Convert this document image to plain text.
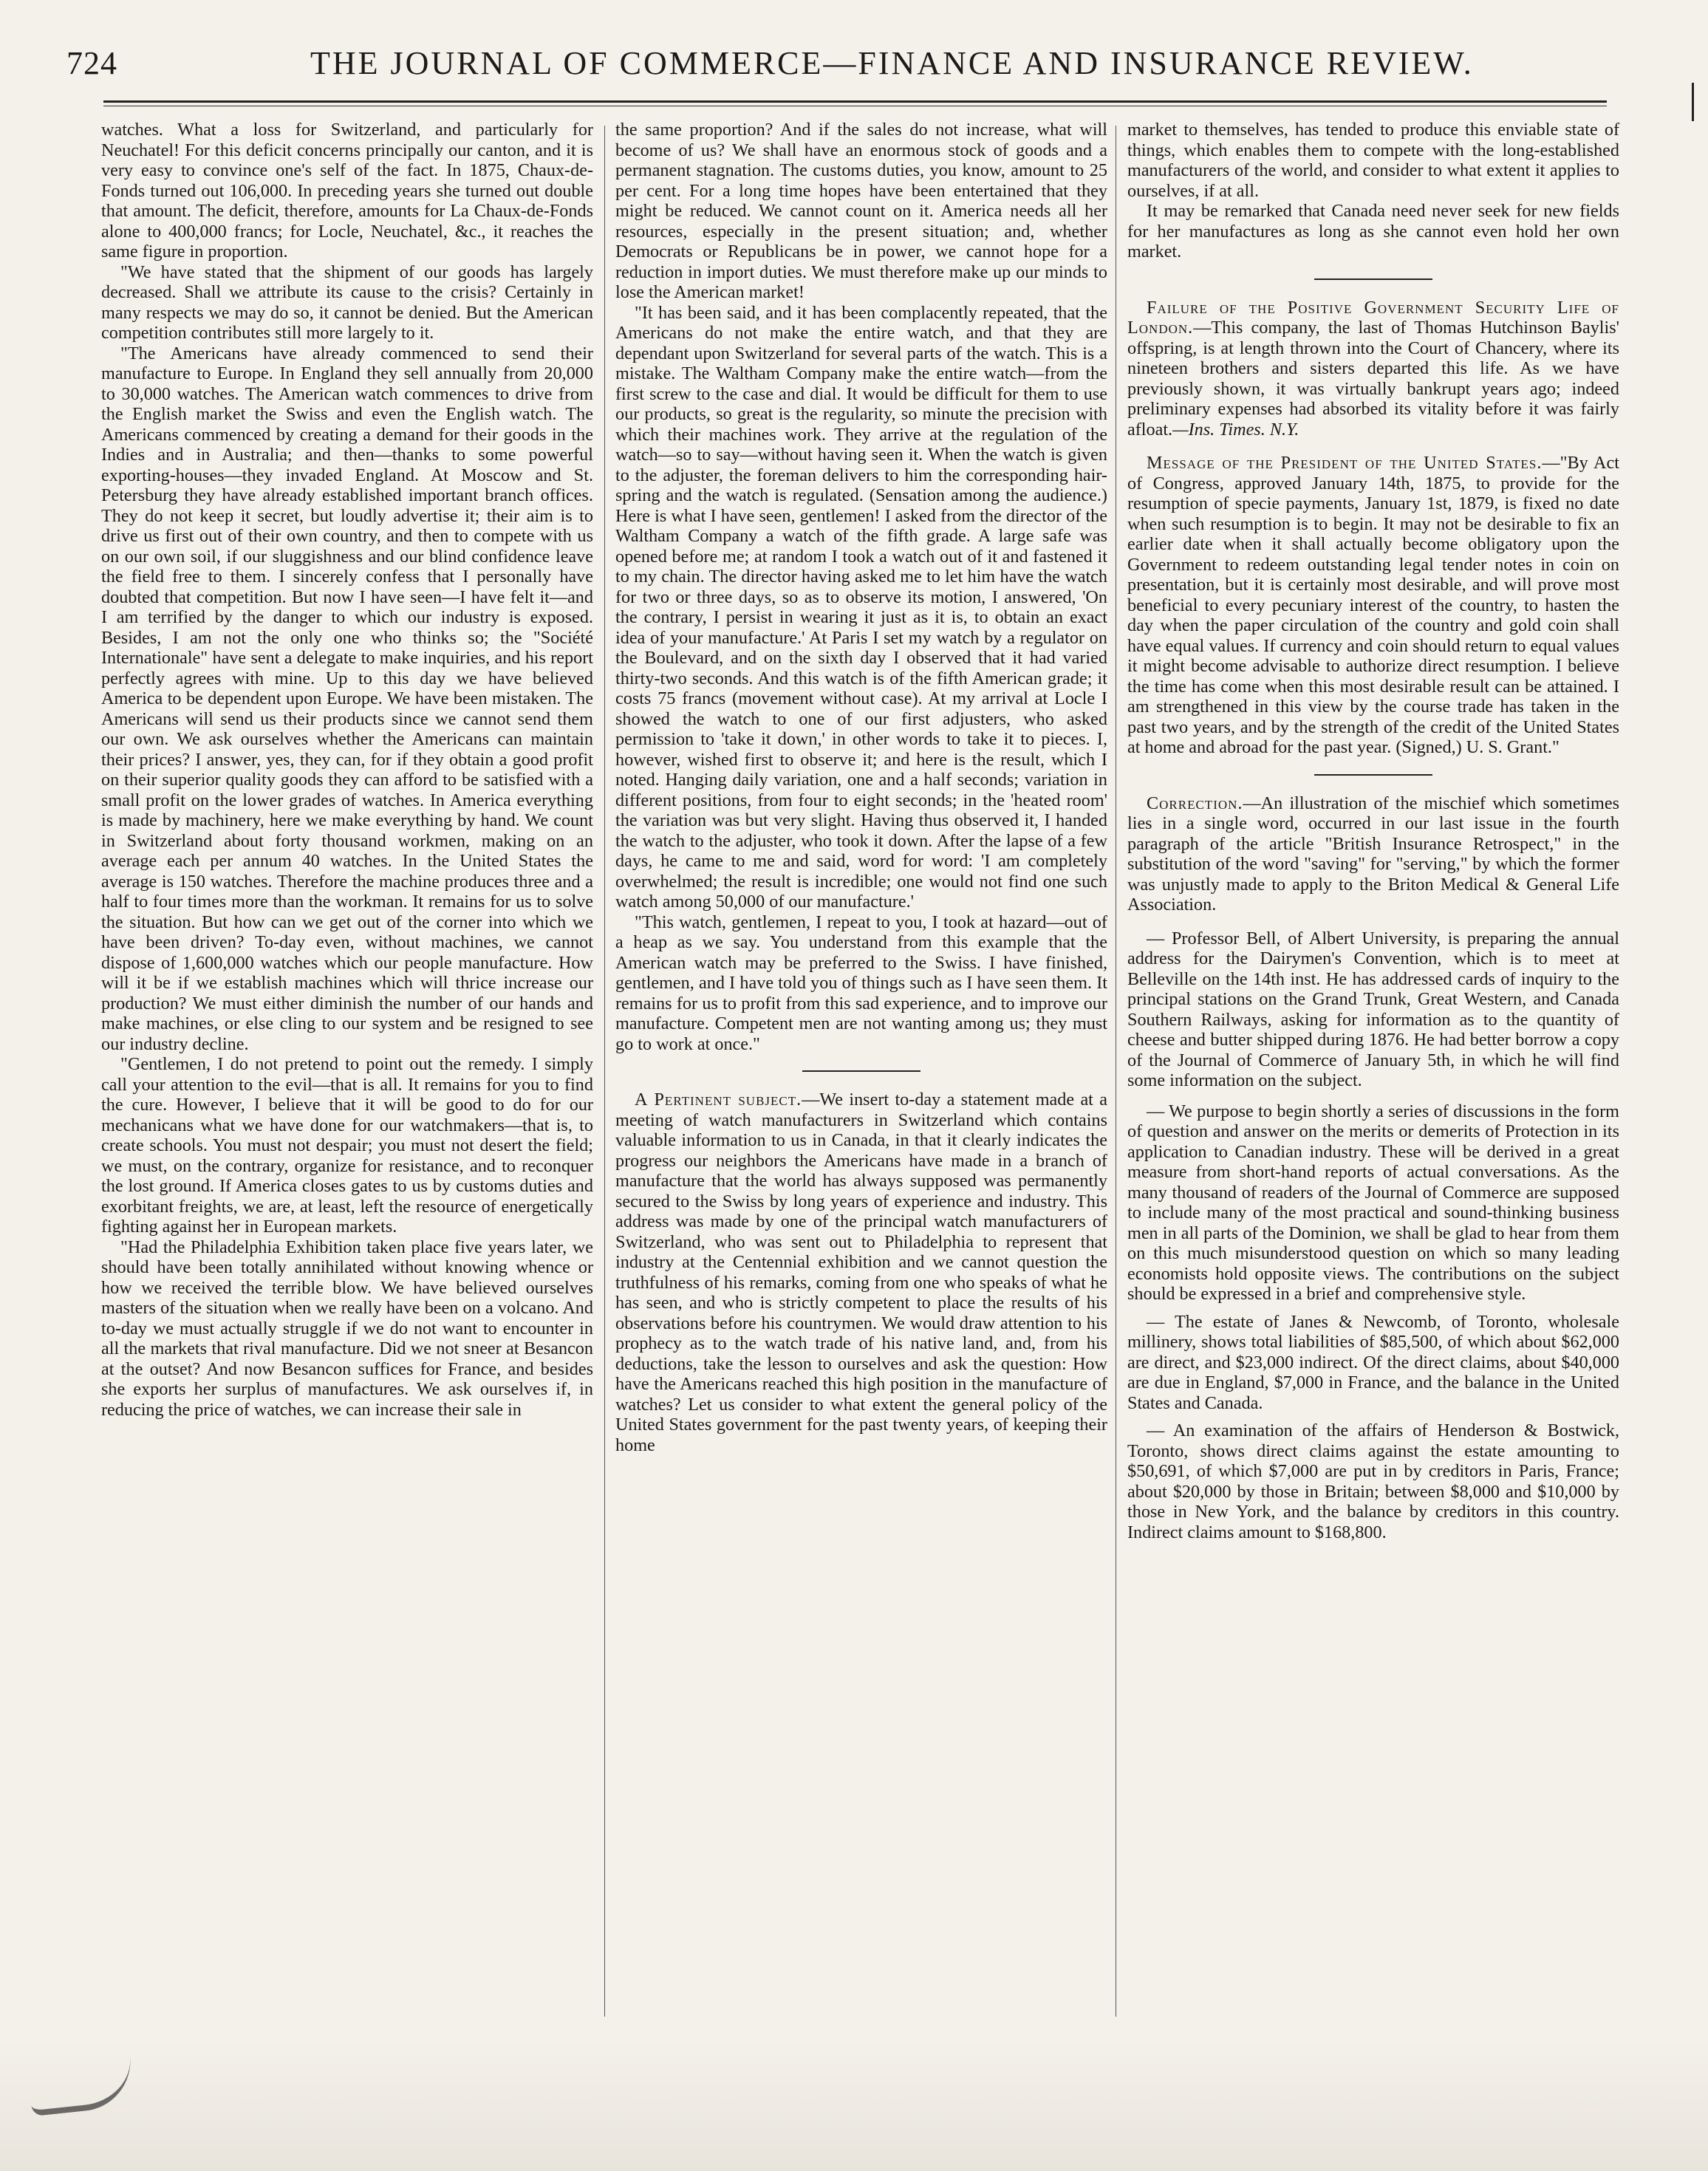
724	THE JOURNAL OF COMMERCE—FINANCE AND INSURANCE REVIEW.

watches. What a loss for Switzerland, and particularly for Neuchatel! For this deficit concerns principally our canton, and it is very easy to convince one's self of the fact. In 1875, Chaux-de-Fonds turned out 106,000. In preceding years she turned out double that amount. The deficit, therefore, amounts for La Chaux-de-Fonds alone to 400,000 francs; for Locle, Neuchatel, &c., it reaches the same figure in proportion.

"We have stated that the shipment of our goods has largely decreased. Shall we attribute its cause to the crisis? Certainly in many respects we may do so, it cannot be denied. But the American competition contributes still more largely to it.

"The Americans have already commenced to send their manufacture to Europe. In England they sell annually from 20,000 to 30,000 watches. The American watch commences to drive from the English market the Swiss and even the English watch. The Americans commenced by creating a demand for their goods in the Indies and in Australia; and then—thanks to some powerful exporting-houses—they invaded England. At Moscow and St. Petersburg they have already established important branch offices. They do not keep it secret, but loudly advertise it; their aim is to drive us first out of their own country, and then to compete with us on our own soil, if our sluggishness and our blind confidence leave the field free to them. I sincerely confess that I personally have doubted that competition. But now I have seen—I have felt it—and I am terrified by the danger to which our industry is exposed. Besides, I am not the only one who thinks so; the "Société Internationale" have sent a delegate to make inquiries, and his report perfectly agrees with mine. Up to this day we have believed America to be dependent upon Europe. We have been mistaken. The Americans will send us their products since we cannot send them our own. We ask ourselves whether the Americans can maintain their prices? I answer, yes, they can, for if they obtain a good profit on their superior quality goods they can afford to be satisfied with a small profit on the lower grades of watches. In America everything is made by machinery, here we make everything by hand. We count in Switzerland about forty thousand workmen, making on an average each per annum 40 watches. In the United States the average is 150 watches. Therefore the machine produces three and a half to four times more than the workman. It remains for us to solve the situation. But how can we get out of the corner into which we have been driven? To-day even, without machines, we cannot dispose of 1,600,000 watches which our people manufacture. How will it be if we establish machines which will thrice increase our production? We must either diminish the number of our hands and make machines, or else cling to our system and be resigned to see our industry decline.

"Gentlemen, I do not pretend to point out the remedy. I simply call your attention to the evil—that is all. It remains for you to find the cure. However, I believe that it will be good to do for our mechanicans what we have done for our watchmakers—that is, to create schools. You must not despair; you must not desert the field; we must, on the contrary, organize for resistance, and to reconquer the lost ground. If America closes gates to us by customs duties and exorbitant freights, we are, at least, left the resource of energetically fighting against her in European markets.

"Had the Philadelphia Exhibition taken place five years later, we should have been totally annihilated without knowing whence or how we received the terrible blow. We have believed ourselves masters of the situation when we really have been on a volcano. And to-day we must actually struggle if we do not want to encounter in all the markets that rival manufacture. Did we not sneer at Besancon at the outset? And now Besancon suffices for France, and besides she exports her surplus of manufactures. We ask ourselves if, in reducing the price of watches, we can increase their sale in

the same proportion? And if the sales do not increase, what will become of us? We shall have an enormous stock of goods and a permanent stagnation. The customs duties, you know, amount to 25 per cent. For a long time hopes have been entertained that they might be reduced. We cannot count on it. America needs all her resources, especially in the present situation; and, whether Democrats or Republicans be in power, we cannot hope for a reduction in import duties. We must therefore make up our minds to lose the American market!

"It has been said, and it has been complacently repeated, that the Americans do not make the entire watch, and that they are dependant upon Switzerland for several parts of the watch. This is a mistake. The Waltham Company make the entire watch—from the first screw to the case and dial. It would be difficult for them to use our products, so great is the regularity, so minute the precision with which their machines work. They arrive at the regulation of the watch—so to say—without having seen it. When the watch is given to the adjuster, the foreman delivers to him the corresponding hair-spring and the watch is regulated. (Sensation among the audience.) Here is what I have seen, gentlemen! I asked from the director of the Waltham Company a watch of the fifth grade. A large safe was opened before me; at random I took a watch out of it and fastened it to my chain. The director having asked me to let him have the watch for two or three days, so as to observe its motion, I answered, 'On the contrary, I persist in wearing it just as it is, to obtain an exact idea of your manufacture.' At Paris I set my watch by a regulator on the Boulevard, and on the sixth day I observed that it had varied thirty-two seconds. And this watch is of the fifth American grade; it costs 75 francs (movement without case). At my arrival at Locle I showed the watch to one of our first adjusters, who asked permission to 'take it down,' in other words to take it to pieces. I, however, wished first to observe it; and here is the result, which I noted. Hanging daily variation, one and a half seconds; variation in different positions, from four to eight seconds; in the 'heated room' the variation was but very slight. Having thus observed it, I handed the watch to the adjuster, who took it down. After the lapse of a few days, he came to me and said, word for word: 'I am completely overwhelmed; the result is incredible; one would not find one such watch among 50,000 of our manufacture.'

"This watch, gentlemen, I repeat to you, I took at hazard—out of a heap as we say. You understand from this example that the American watch may be preferred to the Swiss. I have finished, gentlemen, and I have told you of things such as I have seen them. It remains for us to profit from this sad experience, and to improve our manufacture. Competent men are not wanting among us; they must go to work at once."

A Pertinent subject.—We insert to-day a statement made at a meeting of watch manufacturers in Switzerland which contains valuable information to us in Canada, in that it clearly indicates the progress our neighbors the Americans have made in a branch of manufacture that the world has always supposed was permanently secured to the Swiss by long years of experience and industry. This address was made by one of the principal watch manufacturers of Switzerland, who was sent out to Philadelphia to represent that industry at the Centennial exhibition and we cannot question the truthfulness of his remarks, coming from one who speaks of what he has seen, and who is strictly competent to place the results of his observations before his countrymen. We would draw attention to his prophecy as to the watch trade of his native land, and, from his deductions, take the lesson to ourselves and ask the question: How have the Americans reached this high position in the manufacture of watches? Let us consider to what extent the general policy of the United States government for the past twenty years, of keeping their home

market to themselves, has tended to produce this enviable state of things, which enables them to compete with the long-established manufacturers of the world, and consider to what extent it applies to ourselves, if at all.

It may be remarked that Canada need never seek for new fields for her manufactures as long as she cannot even hold her own market.

Failure of the Positive Government Security Life of London.—This company, the last of Thomas Hutchinson Baylis' offspring, is at length thrown into the Court of Chancery, where its nineteen brothers and sisters departed this life. As we have previously shown, it was virtually bankrupt years ago; indeed preliminary expenses had absorbed its vitality before it was fairly afloat.—Ins. Times. N.Y.

Message of the President of the United States.—"By Act of Congress, approved January 14th, 1875, to provide for the resumption of specie payments, January 1st, 1879, is fixed no date when such resumption is to begin. It may not be desirable to fix an earlier date when it shall actually become obligatory upon the Government to redeem outstanding legal tender notes in coin on presentation, but it is certainly most desirable, and will prove most beneficial to every pecuniary interest of the country, to hasten the day when the paper circulation of the country and gold coin shall have equal values. If currency and coin should return to equal values it might become advisable to authorize direct resumption. I believe the time has come when this most desirable result can be attained. I am strengthened in this view by the course trade has taken in the past two years, and by the strength of the credit of the United States at home and abroad for the past year. (Signed,) U. S. Grant."

Correction.—An illustration of the mischief which sometimes lies in a single word, occurred in our last issue in the fourth paragraph of the article "British Insurance Retrospect," in the substitution of the word "saving" for "serving," by which the former was unjustly made to apply to the Briton Medical & General Life Association.

— Professor Bell, of Albert University, is preparing the annual address for the Dairymen's Convention, which is to meet at Belleville on the 14th inst. He has addressed cards of inquiry to the principal stations on the Grand Trunk, Great Western, and Canada Southern Railways, asking for information as to the quantity of cheese and butter shipped during 1876. He had better borrow a copy of the Journal of Commerce of January 5th, in which he will find some information on the subject.

— We purpose to begin shortly a series of discussions in the form of question and answer on the merits or demerits of Protection in its application to Canadian industry. These will be derived in a great measure from short-hand reports of actual conversations. As the many thousand of readers of the Journal of Commerce are supposed to include many of the most practical and sound-thinking business men in all parts of the Dominion, we shall be glad to hear from them on this much misunderstood question on which so many leading economists hold opposite views. The contributions on the subject should be expressed in a brief and comprehensive style.

— The estate of Janes & Newcomb, of Toronto, wholesale millinery, shows total liabilities of $85,500, of which about $62,000 are direct, and $23,000 indirect. Of the direct claims, about $40,000 are due in England, $7,000 in France, and the balance in the United States and Canada.

— An examination of the affairs of Henderson & Bostwick, Toronto, shows direct claims against the estate amounting to $50,691, of which $7,000 are put in by creditors in Paris, France; about $20,000 by those in Britain; between $8,000 and $10,000 by those in New York, and the balance by creditors in this country. Indirect claims amount to $168,800.
